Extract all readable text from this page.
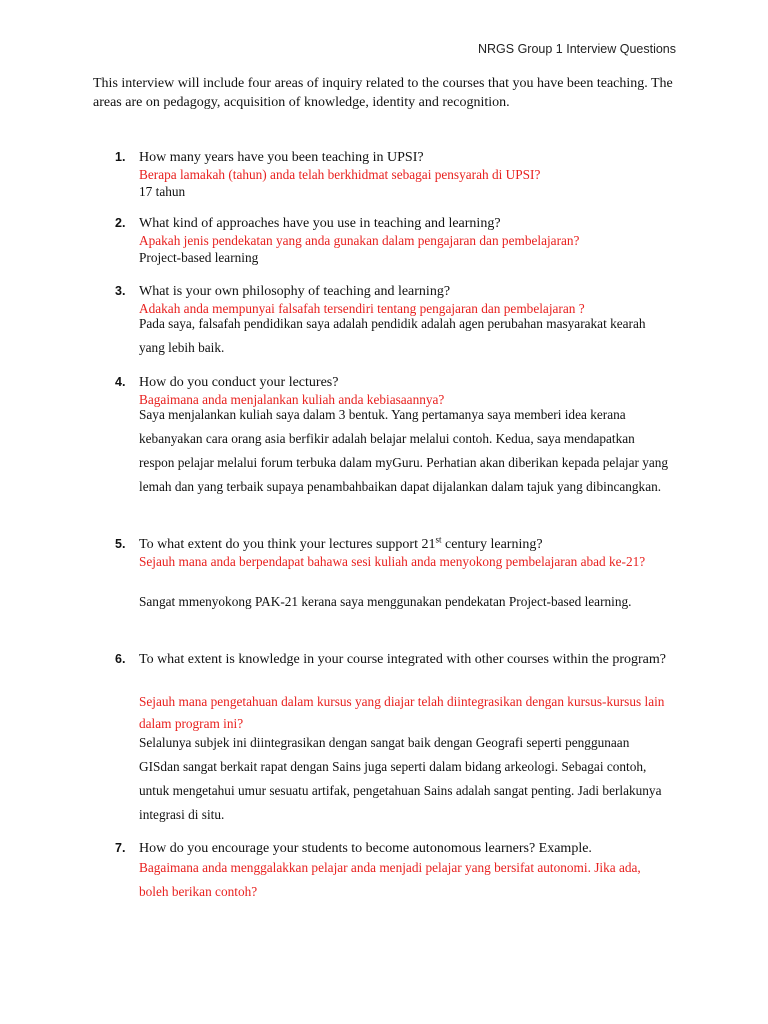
NRGS Group 1 Interview Questions
This interview will include four areas of inquiry related to the courses that you have been teaching. The areas are on pedagogy, acquisition of knowledge, identity and recognition.
1. How many years have you been teaching in UPSI?
Berapa lamakah (tahun) anda telah berkhidmat sebagai pensyarah di UPSI?
17 tahun
2. What kind of approaches have you use in teaching and learning?
Apakah jenis pendekatan yang anda gunakan dalam pengajaran dan pembelajaran?
Project-based learning
3. What is your own philosophy of teaching and learning?
Adakah anda mempunyai falsafah tersendiri tentang pengajaran dan pembelajaran ?
Pada saya, falsafah pendidikan saya adalah pendidik adalah agen perubahan masyarakat kearah yang lebih baik.
4. How do you conduct your lectures?
Bagaimana anda menjalankan kuliah anda kebiasaannya?
Saya menjalankan kuliah saya dalam 3 bentuk. Yang pertamanya saya memberi idea kerana kebanyakan cara orang asia berfikir adalah belajar melalui contoh. Kedua, saya mendapatkan respon pelajar melalui forum terbuka dalam myGuru. Perhatian akan diberikan kepada pelajar yang lemah dan yang terbaik supaya penambahbaikan dapat dijalankan dalam tajuk yang dibincangkan.
5. To what extent do you think your lectures support 21st century learning?
Sejauh mana anda berpendapat bahawa sesi kuliah anda menyokong pembelajaran abad ke-21?
Sangat mmenyokong PAK-21 kerana saya menggunakan pendekatan Project-based learning.
6. To what extent is knowledge in your course integrated with other courses within the program?
Sejauh mana pengetahuan dalam kursus yang diajar telah diintegrasikan dengan kursus-kursus lain dalam program ini?
Selalunya subjek ini diintegrasikan dengan sangat baik dengan Geografi seperti penggunaan GISdan sangat berkait rapat dengan Sains juga seperti dalam bidang arkeologi. Sebagai contoh, untuk mengetahui umur sesuatu artifak, pengetahuan Sains adalah sangat penting. Jadi berlakunya integrasi di situ.
7. How do you encourage your students to become autonomous learners? Example.
Bagaimana anda menggalakkan pelajar anda menjadi pelajar yang bersifat autonomi. Jika ada, boleh berikan contoh?
